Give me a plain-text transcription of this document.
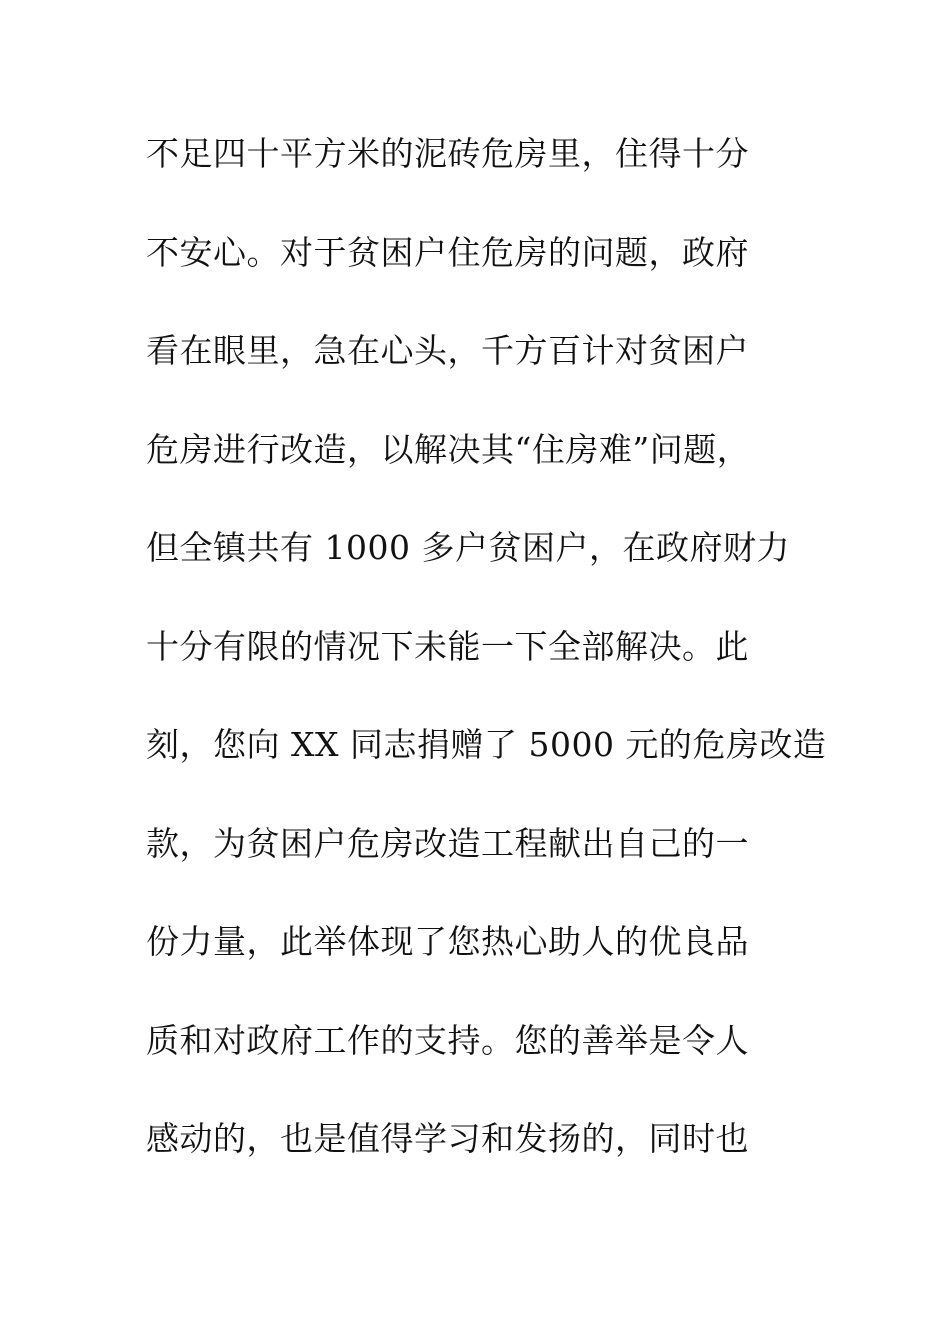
不足四十平方米的泥砖危房里，住得十分
不安心。对于贫困户住危房的问题，政府
看在眼里，急在心头，千方百计对贫困户
危房进行改造，以解决其“住房难”问题，
但全镇共有 1000 多户贫困户，在政府财力
十分有限的情况下未能一下全部解决。此
刻，您向 XX 同志捐赠了 5000 元的危房改造
款，为贫困户危房改造工程献出自己的一
份力量，此举体现了您热心助人的优良品
质和对政府工作的支持。您的善举是令人
感动的，也是值得学习和发扬的，同时也
